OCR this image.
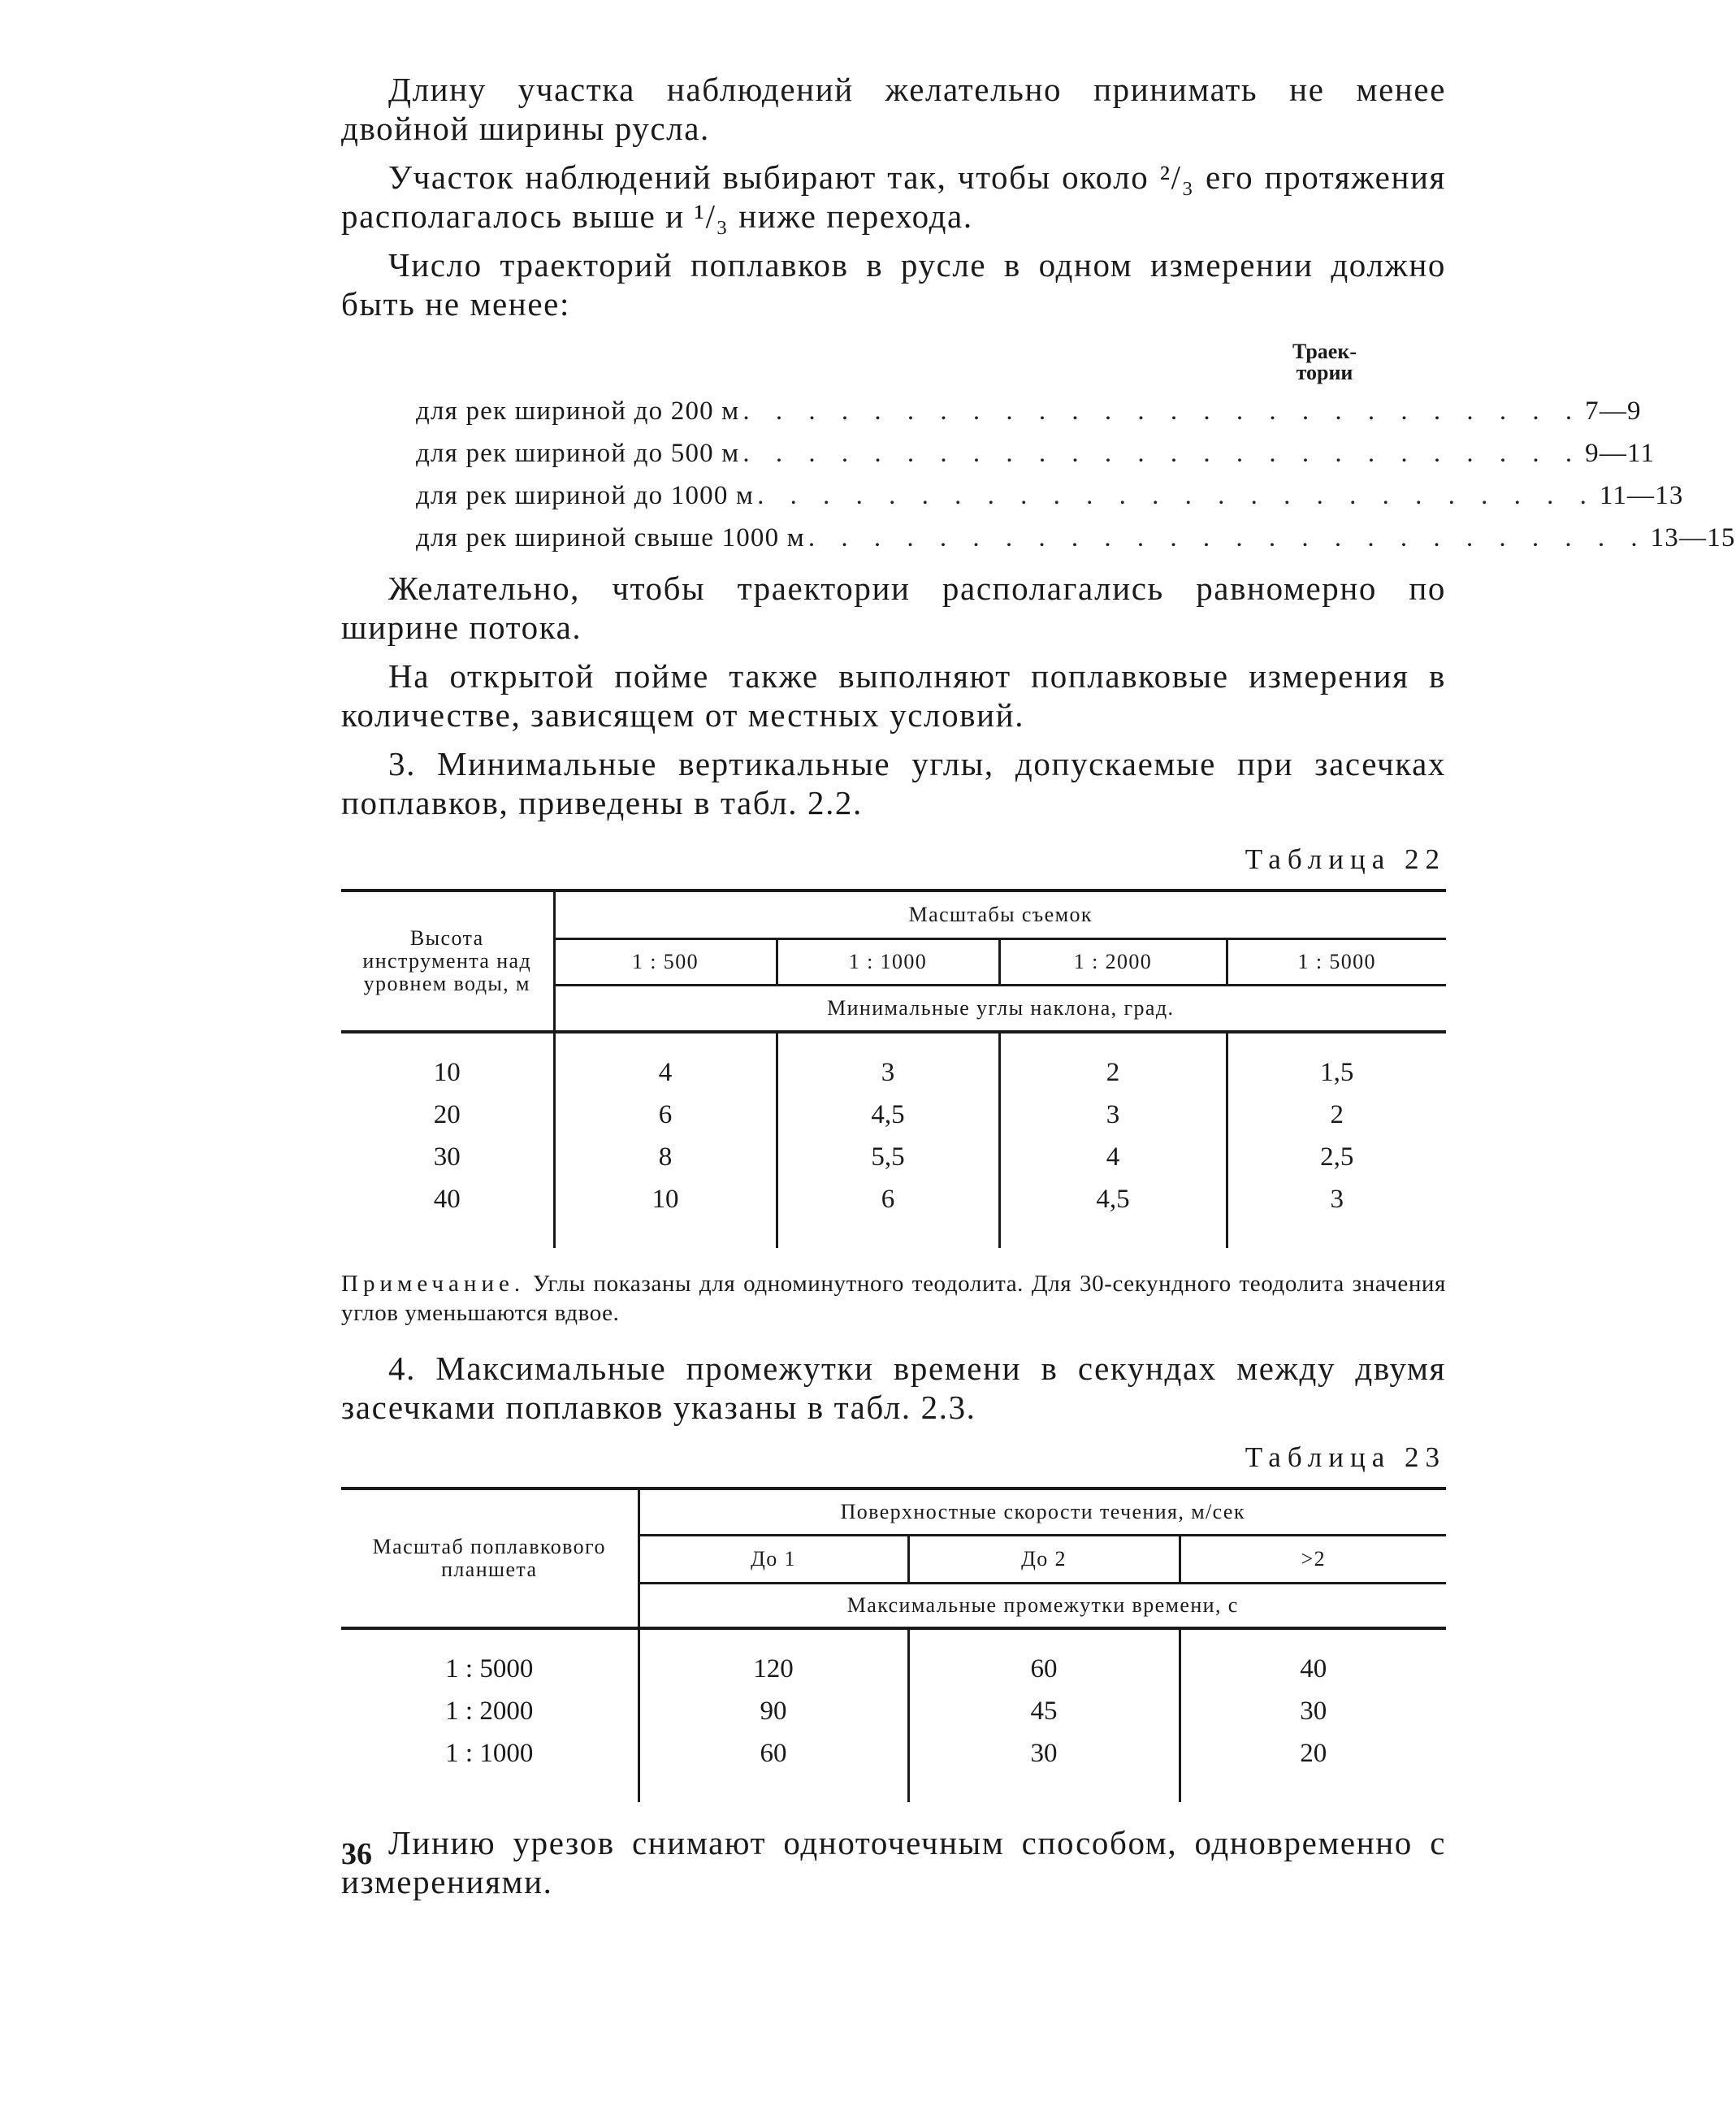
Длину участка наблюдений желательно принимать не менее двойной ширины русла.

Участок наблюдений выбирают так, чтобы около ²/₃ его протяжения располагалось выше и ¹/₃ ниже перехода.

Число траекторий поплавков в русле в одном измерении должно быть не менее:

Траек-
тории
для рек шириной до 200 м . . . . . . . . . . . . . . . . . . . . . . . . . . 7—9
для рек шириной до 500 м . . . . . . . . . . . . . . . . . . . . . . . . . . 9—11
для рек шириной до 1000 м . . . . . . . . . . . . . . . . . . . . . . . . . . 11—13
для рек шириной свыше 1000 м . . . . . . . . . . . . . . . . . . . . . . . . . . 13—15

Желательно, чтобы траектории располагались равномерно по ширине потока.

На открытой пойме также выполняют поплавковые измерения в количестве, зависящем от местных условий.

3. Минимальные вертикальные углы, допускаемые при засечках поплавков, приведены в табл. 2.2.

Таблица 22
Высота инструмента над уровнем воды, м	Масштабы съемок			
	1 : 500	1 : 1000	1 : 2000	1 : 5000
	Минимальные углы наклона, град.			
10	4	3	2	1,5
20	6	4,5	3	2
30	8	5,5	4	2,5
40	10	6	4,5	3

Примечание. Углы показаны для одноминутного теодолита. Для 30-секундного теодолита значения углов уменьшаются вдвое.

4. Максимальные промежутки времени в секундах между двумя засечками поплавков указаны в табл. 2.3.

Таблица 23
Масштаб поплавкового планшета	Поверхностные скорости течения, м/сек		
	До 1	До 2	>2
	Максимальные промежутки времени, с		
1 : 5000	120	60	40
1 : 2000	90	45	30
1 : 1000	60	30	20

Линию урезов снимают одноточечным способом, одновременно с измерениями.

36
